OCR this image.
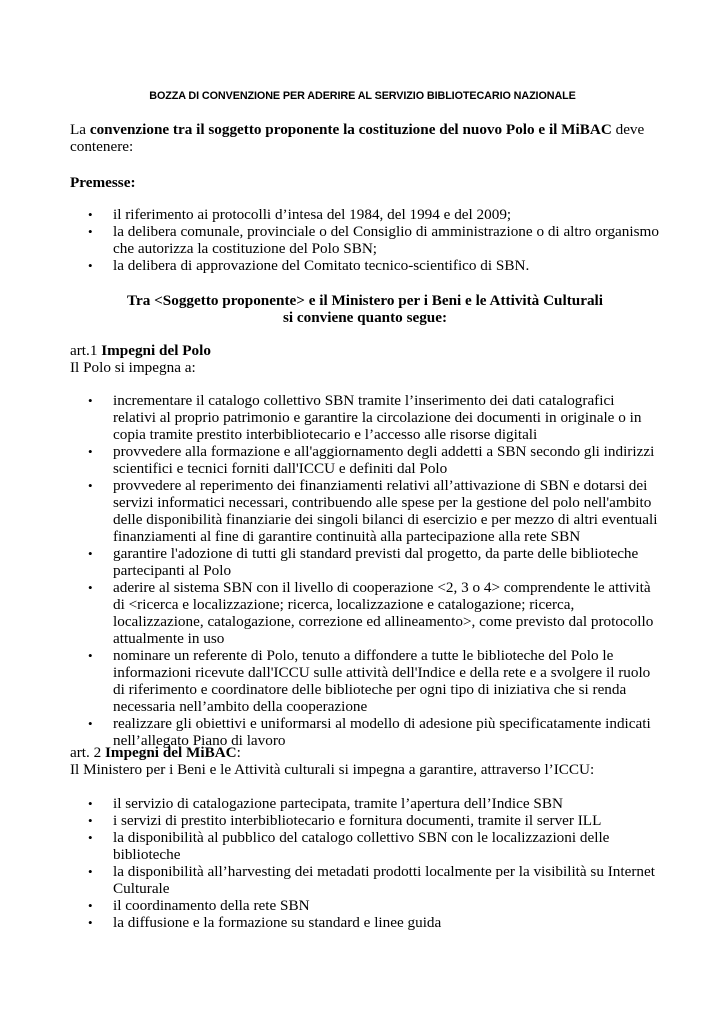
BOZZA DI CONVENZIONE PER ADERIRE AL SERVIZIO BIBLIOTECARIO NAZIONALE
La convenzione tra il soggetto proponente la costituzione del nuovo Polo e il MiBAC deve contenere:
Premesse:
• il riferimento ai protocolli d’intesa del 1984, del 1994 e del 2009;
• la delibera comunale, provinciale o del Consiglio di amministrazione o di altro organismo che autorizza la costituzione del Polo SBN;
• la delibera di approvazione del Comitato tecnico-scientifico di SBN.
Tra <Soggetto proponente> e il Ministero per i Beni e le Attività Culturali
si conviene quanto segue:
art.1 Impegni del Polo
Il Polo si impegna a:
• incrementare il catalogo collettivo SBN tramite l’inserimento dei dati catalografici relativi al proprio patrimonio e garantire la circolazione dei documenti in originale o in copia tramite prestito interbibliotecario e l’accesso alle risorse digitali
• provvedere alla formazione e all'aggiornamento degli addetti a SBN secondo gli indirizzi scientifici e tecnici forniti dall'ICCU e definiti dal Polo
• provvedere al reperimento dei finanziamenti relativi all’attivazione di SBN e dotarsi dei servizi informatici necessari, contribuendo alle spese per la gestione del polo nell'ambito delle disponibilità finanziarie dei singoli bilanci di esercizio e per mezzo di altri eventuali finanziamenti al fine di garantire continuità alla partecipazione alla rete SBN
• garantire l'adozione di tutti gli standard previsti dal progetto, da parte delle biblioteche partecipanti al Polo
• aderire al sistema SBN con il livello di cooperazione <2, 3 o 4> comprendente le attività di <ricerca e localizzazione; ricerca, localizzazione e catalogazione; ricerca, localizzazione, catalogazione, correzione ed allineamento>, come previsto dal protocollo attualmente in uso
• nominare un referente di Polo, tenuto a diffondere a tutte le biblioteche del Polo le informazioni ricevute dall'ICCU sulle attività dell'Indice e della rete e a svolgere il ruolo di riferimento e coordinatore delle biblioteche per ogni tipo di iniziativa che si renda necessaria nell’ambito della cooperazione
• realizzare gli obiettivi e uniformarsi al modello di adesione più specificatamente indicati nell’allegato Piano di lavoro
art. 2 Impegni del MiBAC:
Il Ministero per i Beni e le Attività culturali si impegna a garantire, attraverso l’ICCU:
• il servizio di catalogazione partecipata, tramite l’apertura dell’Indice SBN
• i servizi di prestito interbibliotecario e fornitura documenti, tramite il server ILL
• la disponibilità al pubblico del catalogo collettivo SBN con le localizzazioni delle biblioteche
• la disponibilità all’harvesting dei metadati prodotti localmente per la visibilità su Internet Culturale
• il coordinamento della rete SBN
• la diffusione e la formazione su standard e linee guida
